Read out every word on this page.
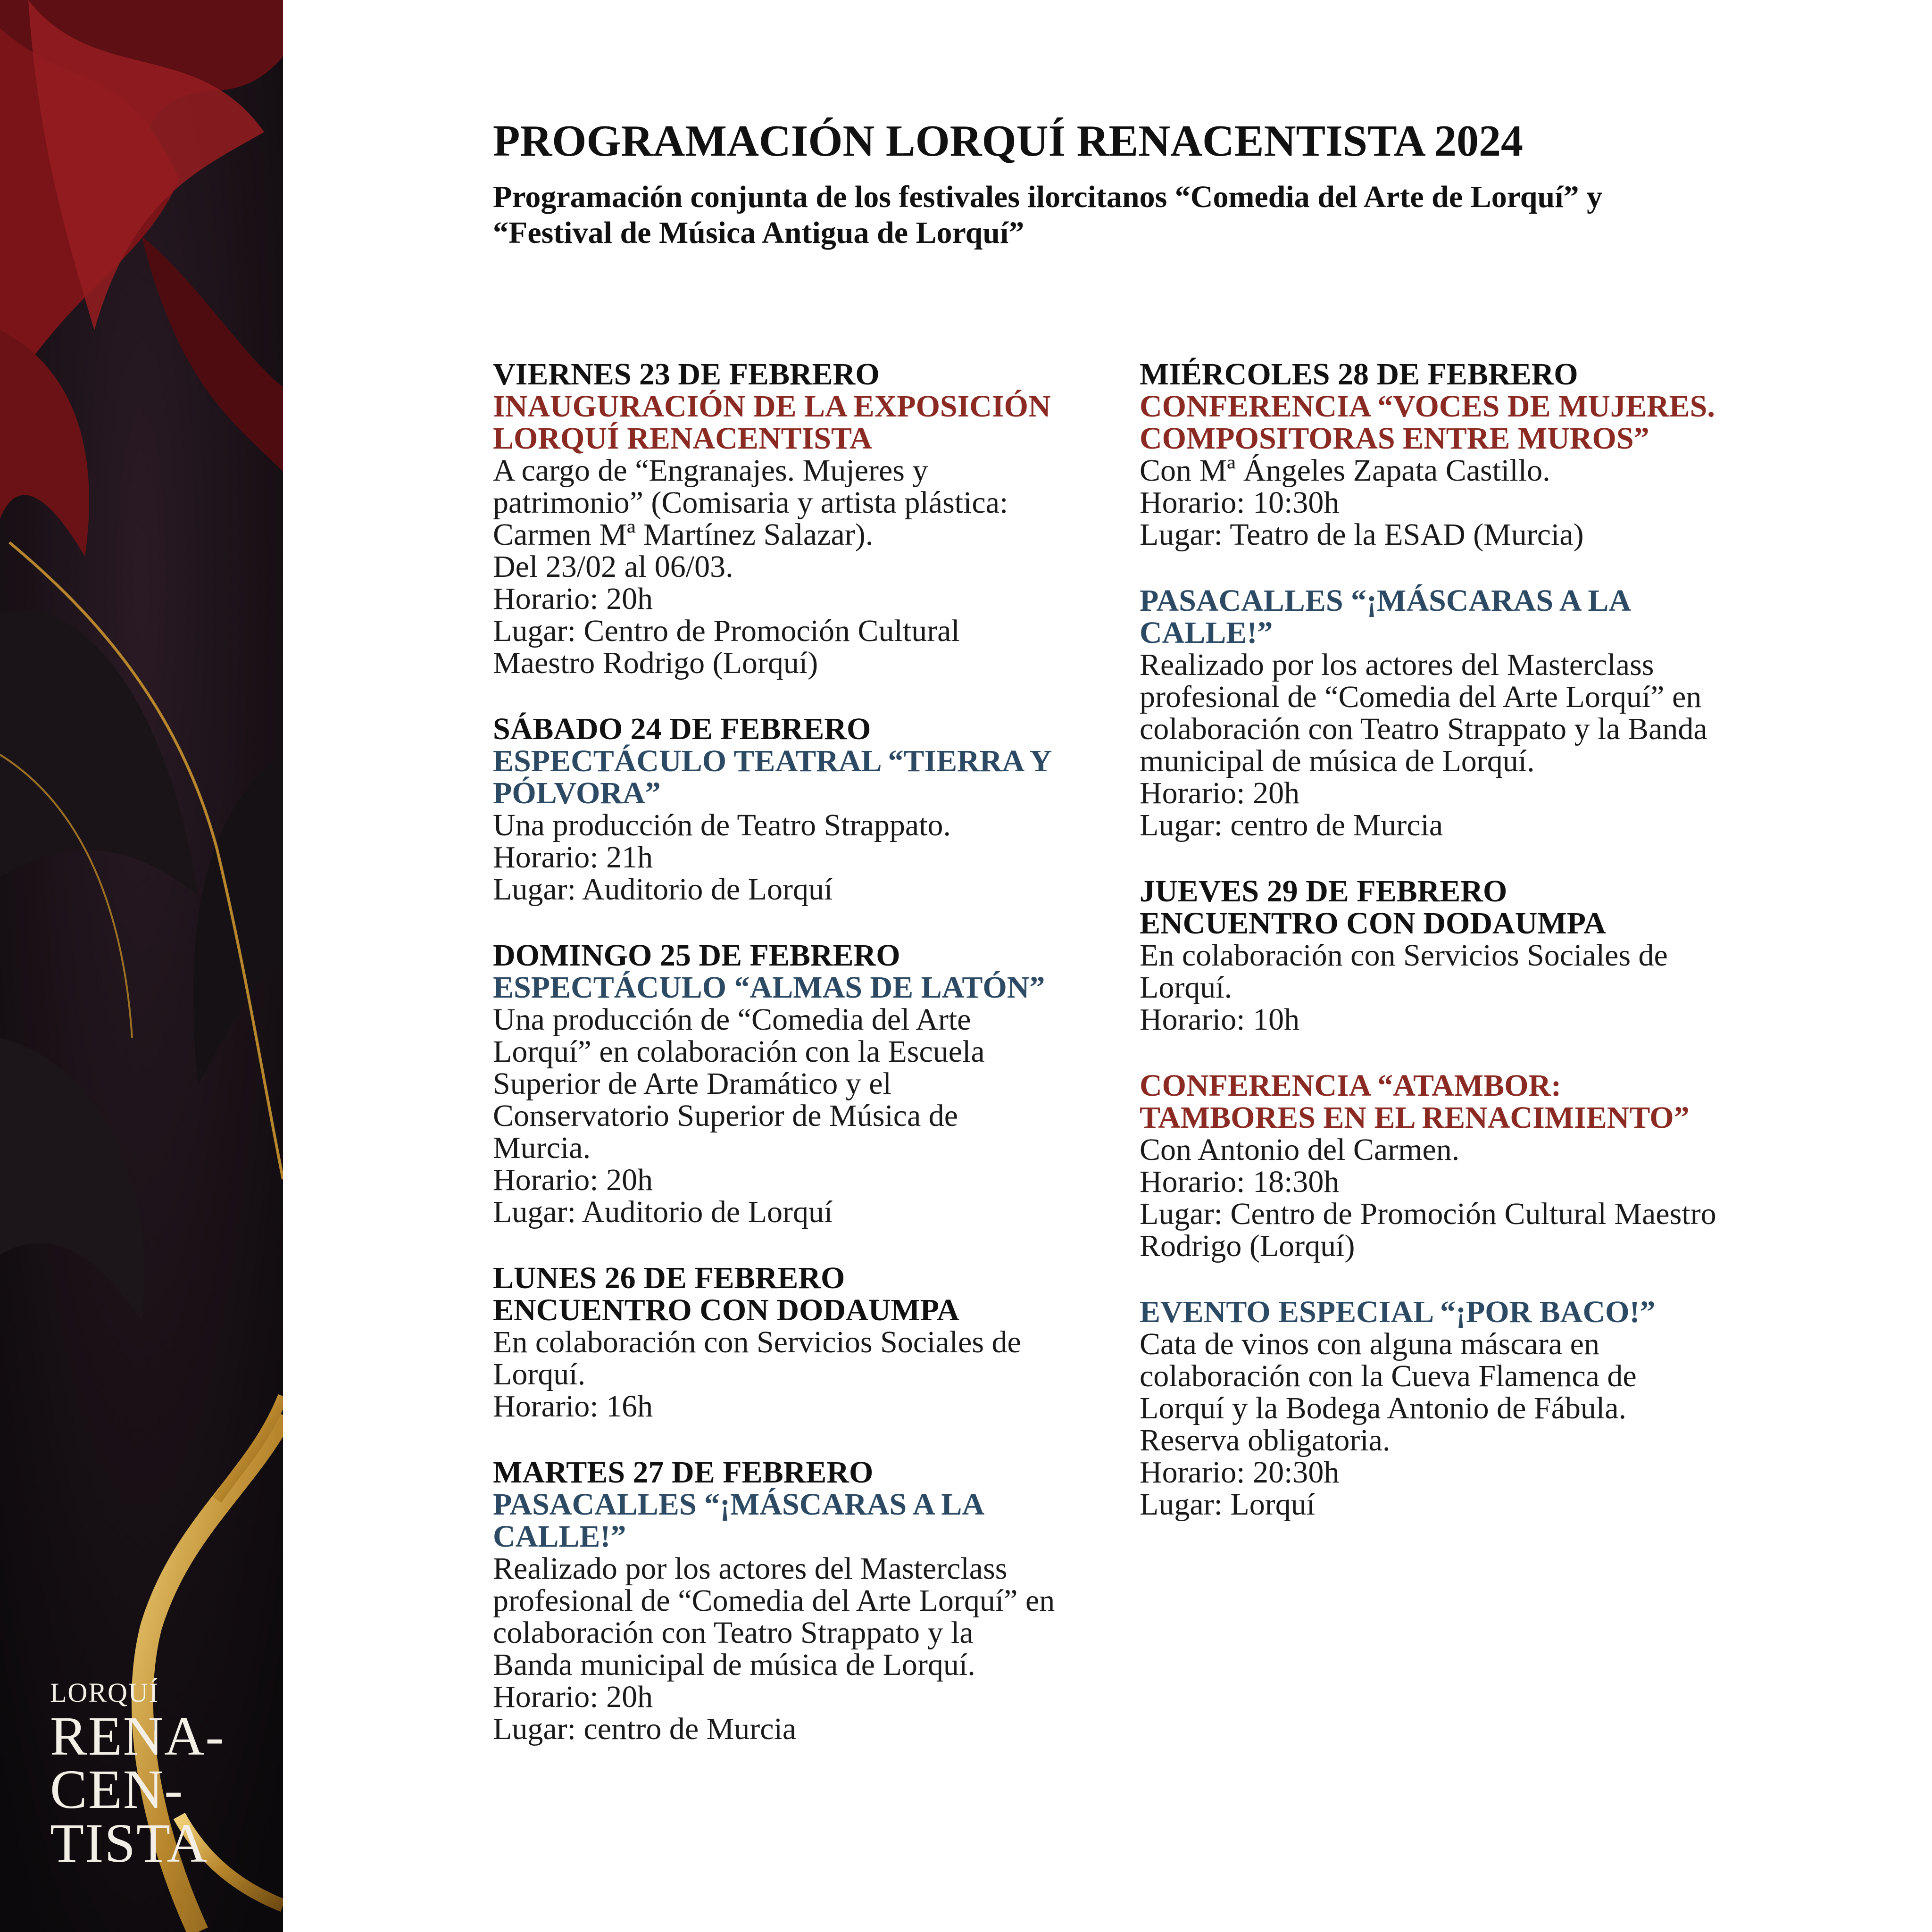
LORQUÍ
RENA-
CEN-
TISTA
PROGRAMACIÓN LORQUÍ RENACENTISTA 2024

Programación conjunta de los festivales ilorcitanos “Comedia del Arte de Lorquí” y “Festival de Música Antigua de Lorquí”

VIERNES 23 DE FEBRERO
INAUGURACIÓN DE LA EXPOSICIÓN LORQUÍ RENACENTISTA
A cargo de “Engranajes. Mujeres y patrimonio” (Comisaria y artista plástica: Carmen Mª Martínez Salazar).
Del 23/02 al 06/03.
Horario: 20h
Lugar: Centro de Promoción Cultural Maestro Rodrigo (Lorquí)
SÁBADO 24 DE FEBRERO
ESPECTÁCULO TEATRAL “TIERRA Y PÓLVORA”
Una producción de Teatro Strappato.
Horario: 21h
Lugar: Auditorio de Lorquí
DOMINGO 25 DE FEBRERO
ESPECTÁCULO “ALMAS DE LATÓN”
Una producción de “Comedia del Arte Lorquí” en colaboración con la Escuela Superior de Arte Dramático y el Conservatorio Superior de Música de Murcia.
Horario: 20h
Lugar: Auditorio de Lorquí
LUNES 26 DE FEBRERO
ENCUENTRO CON DODAUMPA
En colaboración con Servicios Sociales de Lorquí.
Horario: 16h
MARTES 27 DE FEBRERO
PASACALLES “¡MÁSCARAS A LA CALLE!”
Realizado por los actores del Masterclass profesional de “Comedia del Arte Lorquí” en colaboración con Teatro Strappato y la Banda municipal de música de Lorquí.
Horario: 20h
Lugar: centro de Murcia
MIÉRCOLES 28 DE FEBRERO
CONFERENCIA “VOCES DE MUJERES. COMPOSITORAS ENTRE MUROS”
Con Mª Ángeles Zapata Castillo.
Horario: 10:30h
Lugar: Teatro de la ESAD (Murcia)
PASACALLES “¡MÁSCARAS A LA CALLE!”
Realizado por los actores del Masterclass profesional de “Comedia del Arte Lorquí” en colaboración con Teatro Strappato y la Banda municipal de música de Lorquí.
Horario: 20h
Lugar: centro de Murcia
JUEVES 29 DE FEBRERO
ENCUENTRO CON DODAUMPA
En colaboración con Servicios Sociales de Lorquí.
Horario: 10h
CONFERENCIA “ATAMBOR: TAMBORES EN EL RENACIMIENTO”
Con Antonio del Carmen.
Horario: 18:30h
Lugar: Centro de Promoción Cultural Maestro Rodrigo (Lorquí)
EVENTO ESPECIAL “¡POR BACO!”
Cata de vinos con alguna máscara en colaboración con la Cueva Flamenca de Lorquí y la Bodega Antonio de Fábula.
Reserva obligatoria.
Horario: 20:30h
Lugar: Lorquí
